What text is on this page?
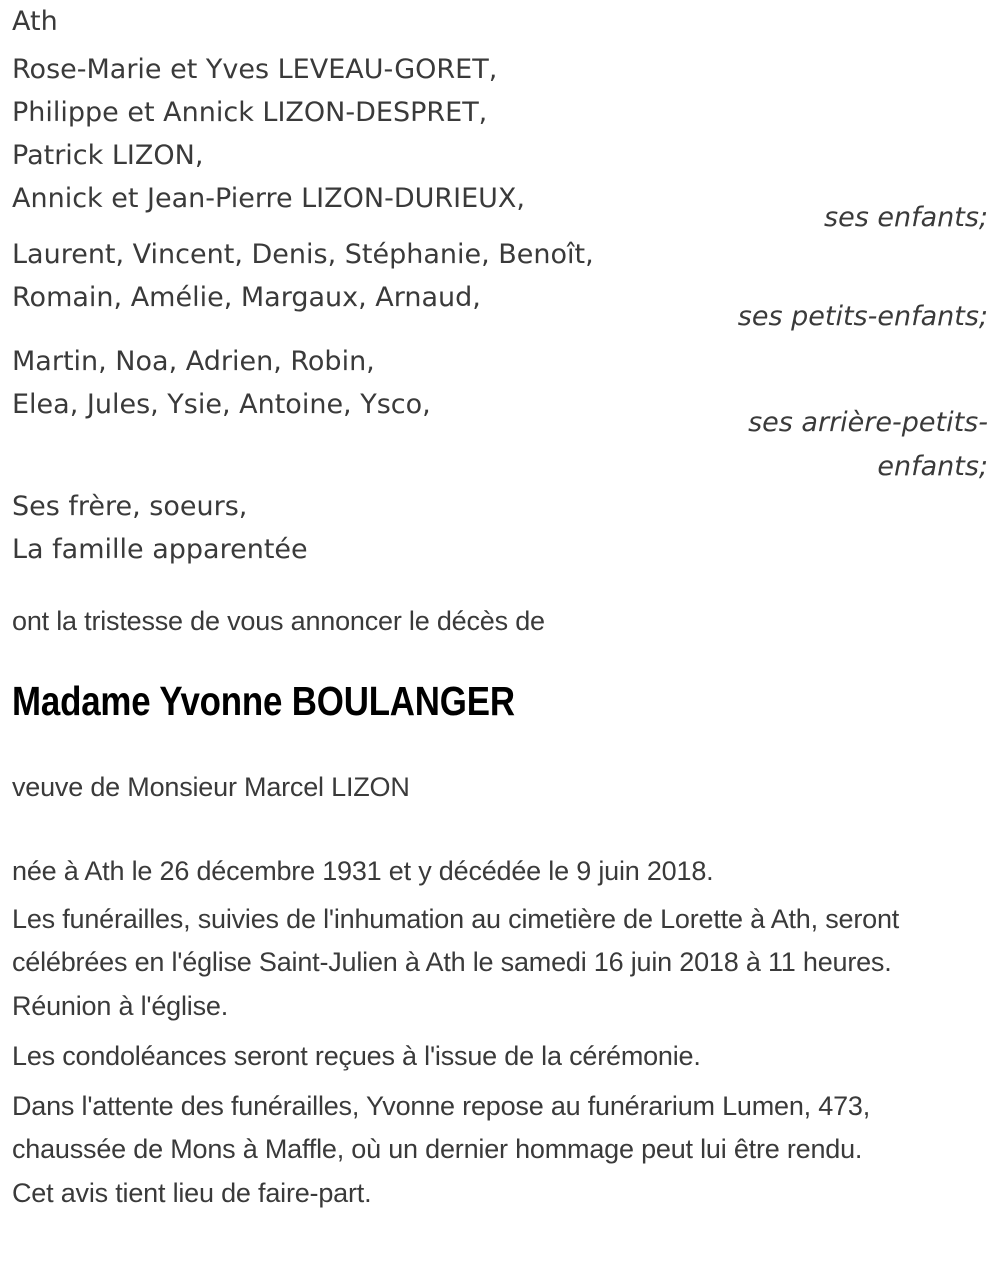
Ath

Rose-Marie et Yves LEVEAU-GORET,

Philippe et Annick LIZON-DESPRET,

Patrick LIZON,

Annick et Jean-Pierre LIZON-DURIEUX,

ses enfants;

Laurent, Vincent, Denis, Stéphanie, Benoît,

Romain, Amélie, Margaux, Arnaud,

ses petits-enfants;

Martin, Noa, Adrien, Robin,

Elea, Jules, Ysie, Antoine, Ysco,

ses arrière-petits-enfants;

Ses frère, soeurs,

La famille apparentée

ont la tristesse de vous annoncer le décès de

Madame Yvonne BOULANGER

veuve de Monsieur Marcel LIZON

née à Ath le 26 décembre 1931 et y décédée le 9 juin 2018.

Les funérailles, suivies de l'inhumation au cimetière de Lorette à Ath, seront célébrées en l'église Saint-Julien à Ath le samedi 16 juin 2018 à 11 heures.

Réunion à l'église.

Les condoléances seront reçues à l'issue de la cérémonie.

Dans l'attente des funérailles, Yvonne repose au funérarium Lumen, 473, chaussée de Mons à Maffle, où un dernier hommage peut lui être rendu.

Cet avis tient lieu de faire-part.
